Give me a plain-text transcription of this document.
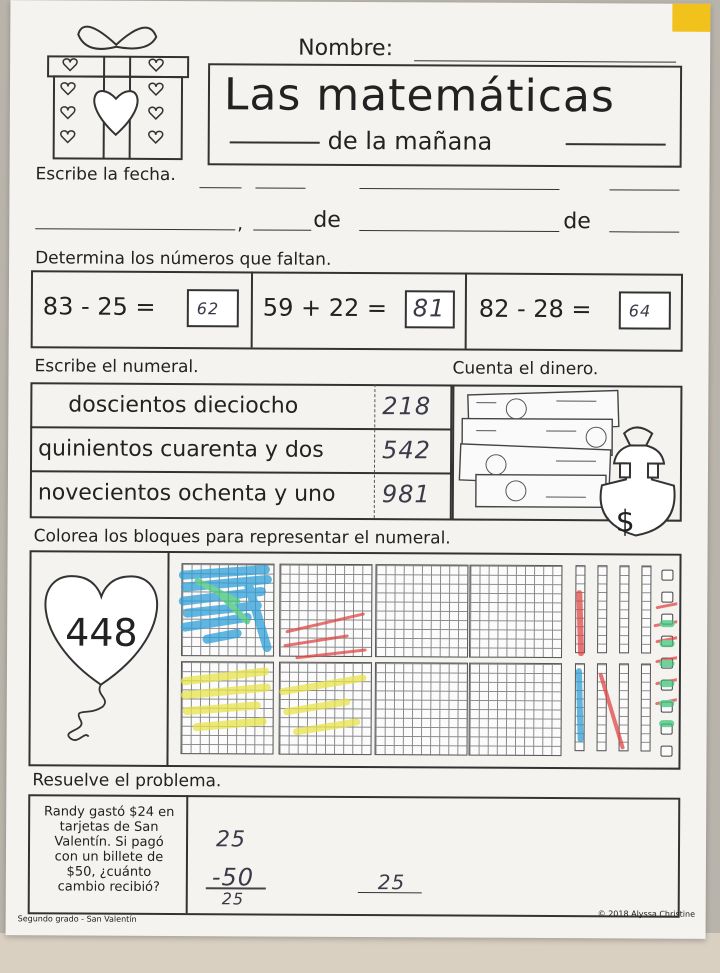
Nombre:
Las matemáticas
de la mañana
Escribe la fecha.
,	de	de
Determina los números que faltan.
83 - 25 =	62 59 + 22 = 81 82 - 28 = 64
Escribe el numeral.	Cuenta el dinero.
doscientos dieciocho	218
quinientos cuarenta y dos 542
novecientos ochenta y uno 981
$
Colorea los bloques para representar el numeral.
448
Resuelve el problema.
Randy gastó $24 en
tarjetas de San
Valentín. Si pagó
con un billete de
$50, ¿cuánto
cambio recibió?
25
-50
25
25
Segundo grado - San Valentín
© 2018 Alyssa Christine
